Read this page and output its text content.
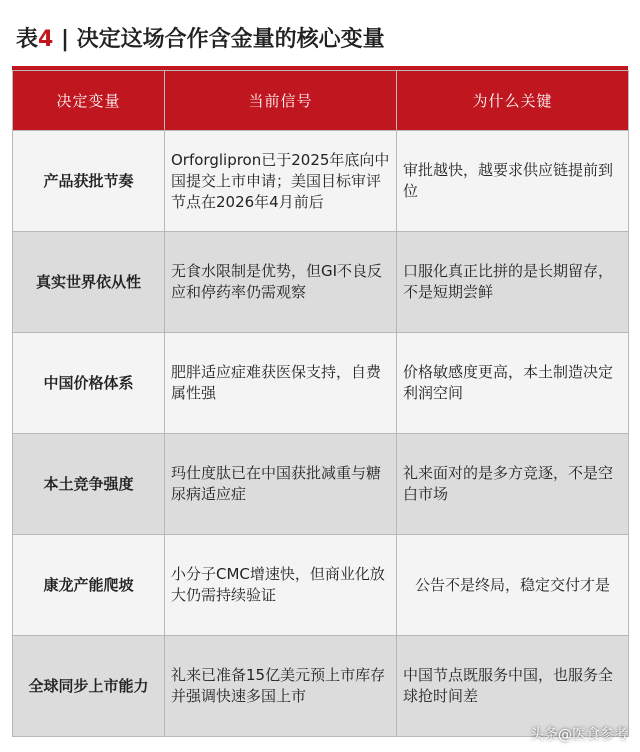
表4 | 决定这场合作含金量的核心变量
决定变量	当前信号	为什么关键
产品获批节奏	Orforglipron已于2025年底向中国提交上市申请；美国目标审评节点在2026年4月前后	审批越快，越要求供应链提前到位
真实世界依从性	无食水限制是优势，但GI不良反应和停药率仍需观察	口服化真正比拼的是长期留存，不是短期尝鲜
中国价格体系	肥胖适应症难获医保支持，自费属性强	价格敏感度更高，本土制造决定利润空间
本土竞争强度	玛仕度肽已在中国获批减重与糖尿病适应症	礼来面对的是多方竞逐，不是空白市场
康龙产能爬坡	小分子CMC增速快，但商业化放大仍需持续验证	公告不是终局，稳定交付才是
全球同步上市能力	礼来已准备15亿美元预上市库存并强调快速多国上市	中国节点既服务中国，也服务全球抢时间差
头条@医食参考
